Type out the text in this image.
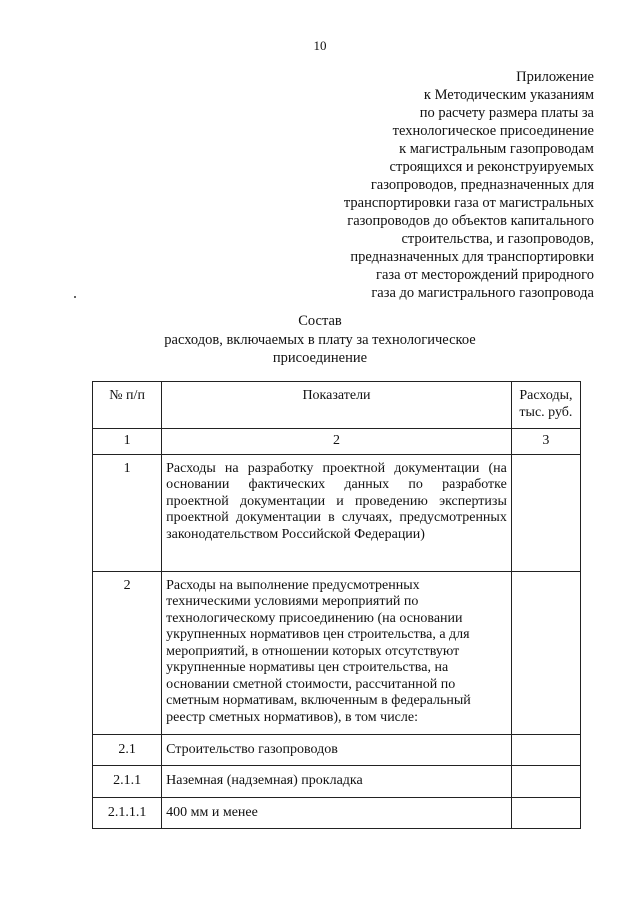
10
Приложение
к Методическим указаниям
по расчету размера платы за
технологическое присоединение
к магистральным газопроводам
строящихся и реконструируемых
газопроводов, предназначенных для
транспортировки газа от магистральных
газопроводов до объектов капитального
строительства, и газопроводов,
предназначенных для транспортировки
газа от месторождений природного
газа до магистрального газопровода
Состав
расходов, включаемых в плату за технологическое
присоединение
№ п/п	Показатели	Расходы,
тыс. руб.

1	2	3
1	Расходы на разработку проектной документации (на основании фактических данных по разработке проектной документации и проведению экспертизы проектной документации в случаях, предусмотренных законодательством Российской Федерации)	
2	Расходы на выполнение предусмотренных техническими условиями мероприятий по технологическому присоединению (на основании укрупненных нормативов цен строительства, а для мероприятий, в отношении которых отсутствуют укрупненные нормативы цен строительства, на основании сметной стоимости, рассчитанной по сметным нормативам, включенным в федеральный реестр сметных нормативов), в том числе:	
2.1	Строительство газопроводов	
2.1.1	Наземная (надземная) прокладка	
2.1.1.1	400 мм и менее	
